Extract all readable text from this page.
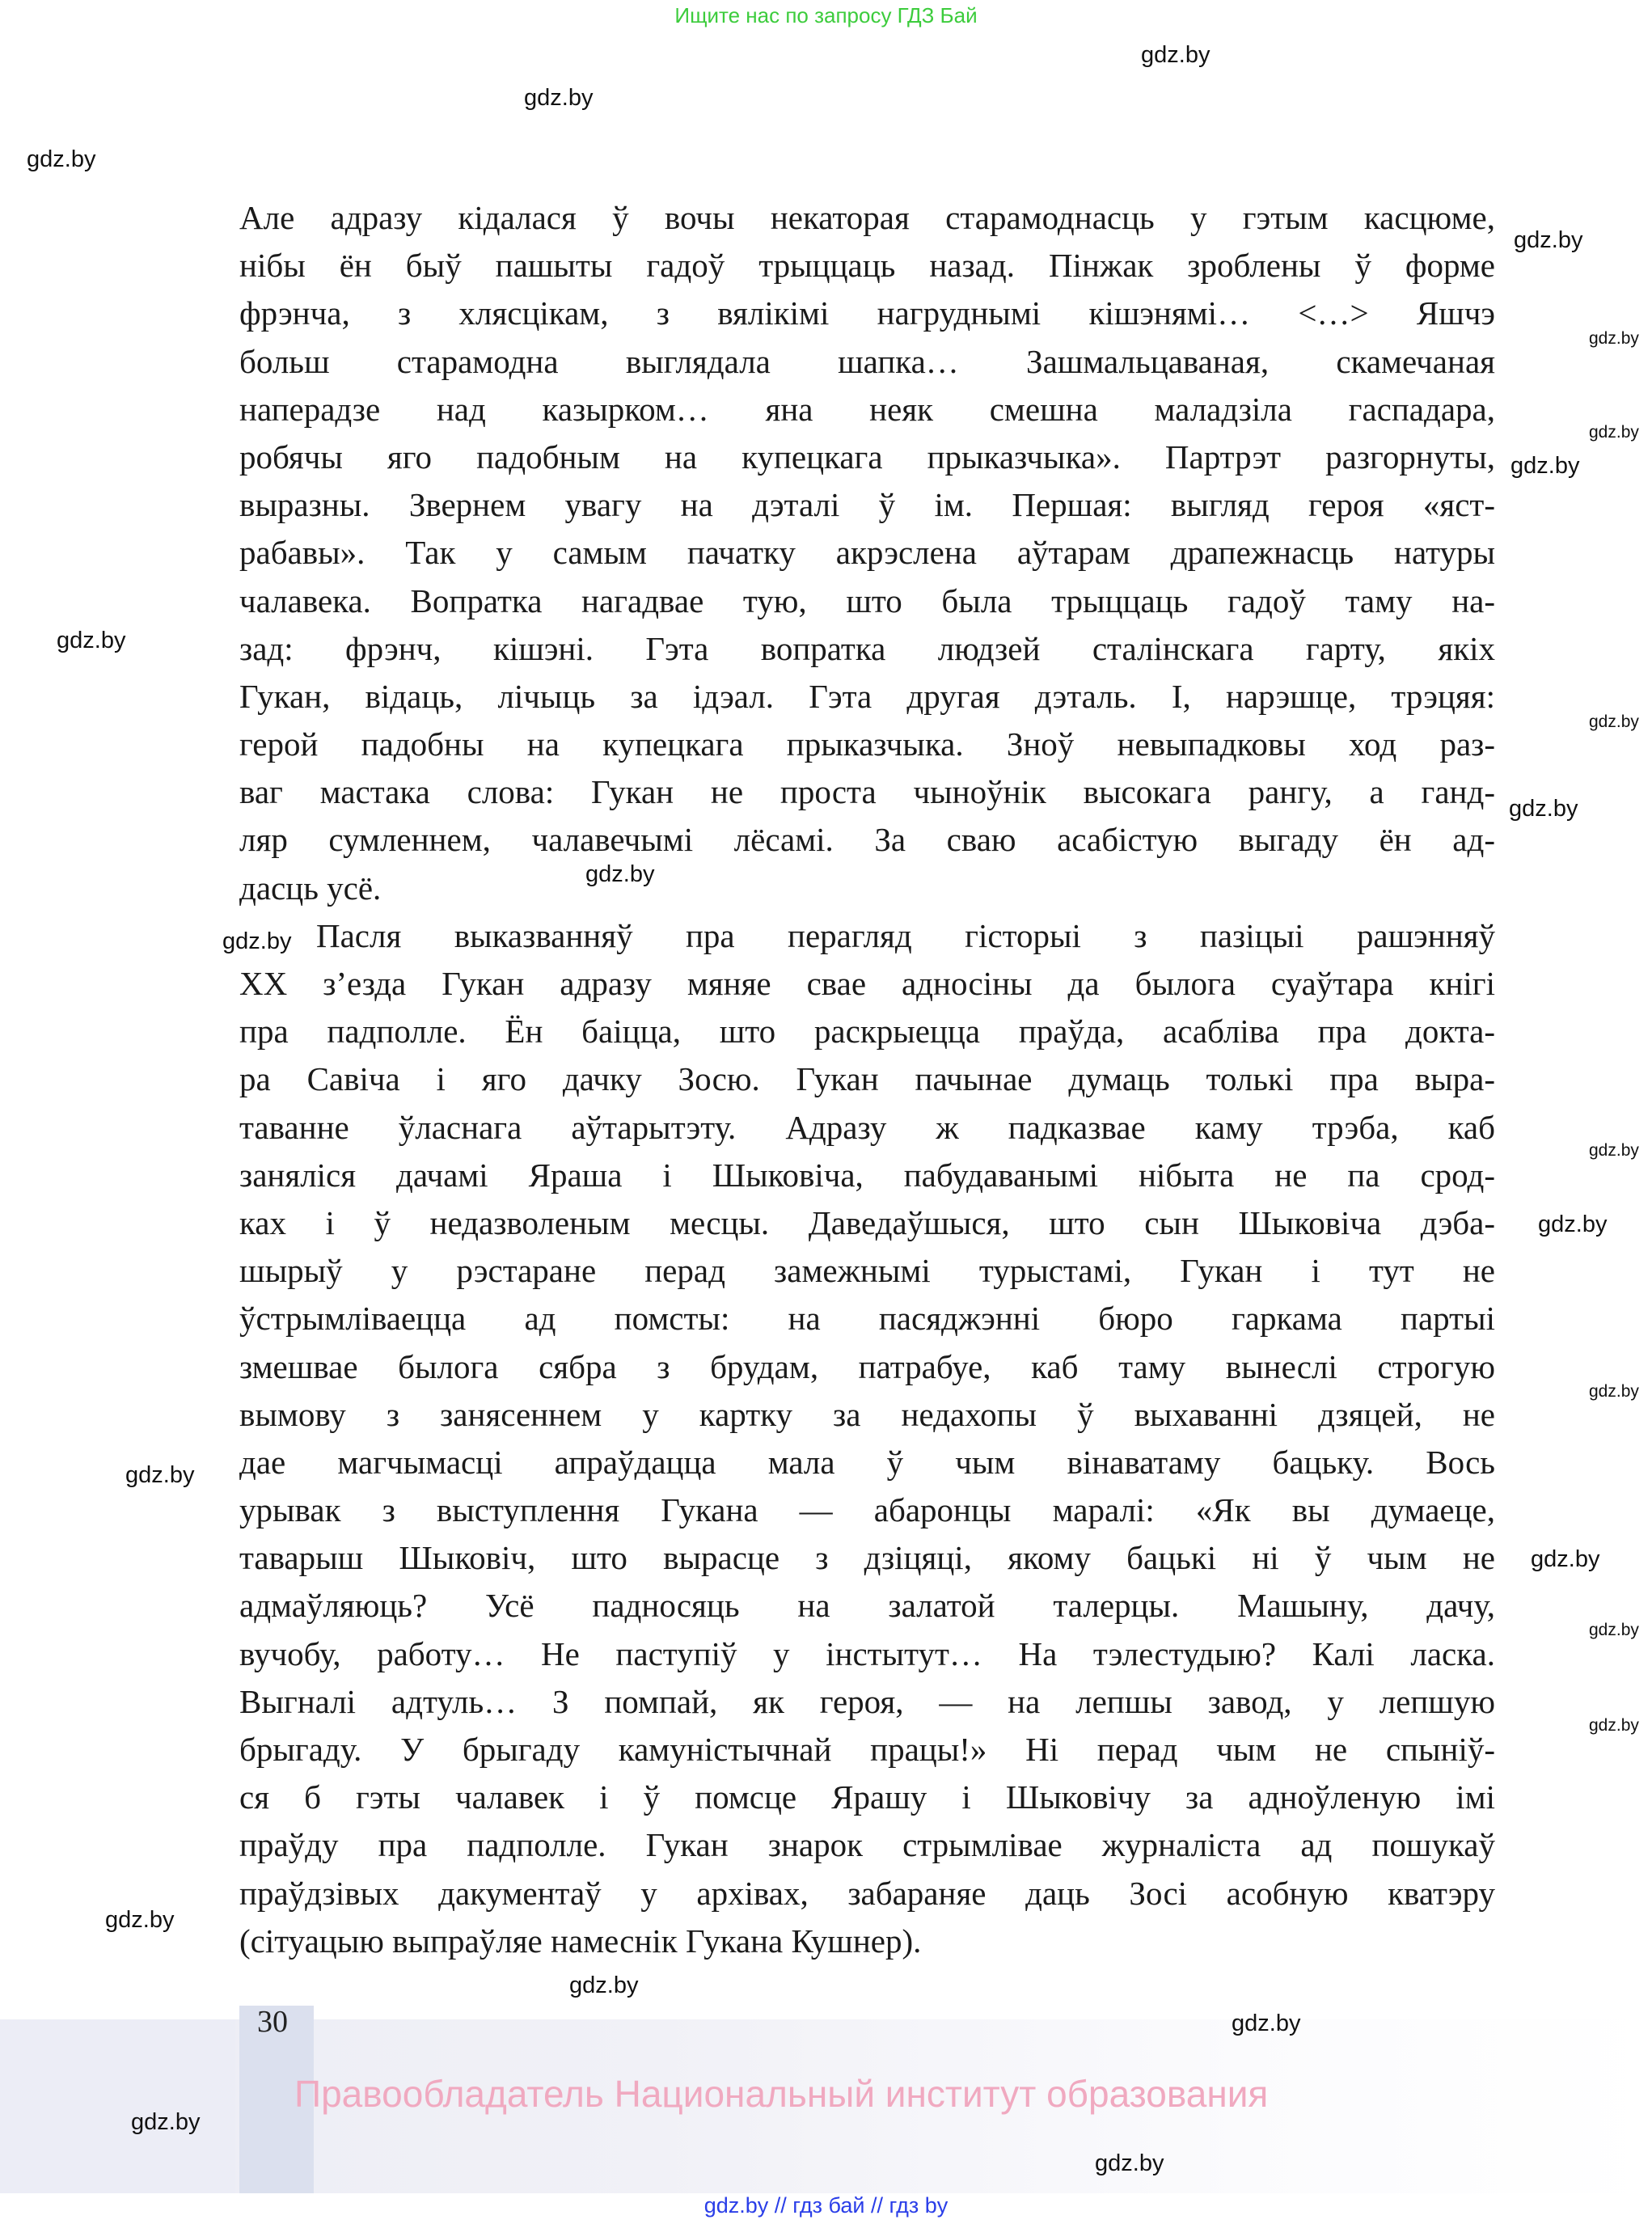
Ищите нас по запросу ГДЗ Бай
Але адразу кідалася ў вочы некаторая старамоднасць у гэтым касцюме,
нібы ён быў пашыты гадоў трыццаць назад. Пінжак зроблены ў форме
фрэнча, з хлясцікам, з вялікімі нагруднымі кішэнямі… <…> Яшчэ
больш старамодна выглядала шапка… Зашмальцаваная, скамечаная
наперадзе над казырком… яна неяк смешна маладзіла гаспадара,
робячы яго падобным на купецкага прыказчыка». Партрэт разгорнуты,
выразны. Звернем увагу на дэталі ў ім. Першая: выгляд героя «яст-
рабавы». Так у самым пачатку акрэслена аўтарам драпежнасць натуры
чалавека. Вопратка нагадвае тую, што была трыццаць гадоў таму на-
зад: фрэнч, кішэні. Гэта вопратка людзей сталінскага гарту, якіх
Гукан, відаць, лічыць за ідэал. Гэта другая дэталь. І, нарэшце, трэцяя:
герой падобны на купецкага прыказчыка. Зноў невыпадковы ход раз-
ваг мастака слова: Гукан не проста чыноўнік высокага рангу, а ганд-
ляр сумленнем, чалавечымі лёсамі. За сваю асабістую выгаду ён ад-
дасць усё.
Пасля выказванняў пра перагляд гісторыі з пазіцыі рашэнняў
XX з’езда Гукан адразу мяняе свае адносіны да былога суаўтара кнігі
пра падполле. Ён баіцца, што раскрыецца праўда, асабліва пра докта-
ра Савіча і яго дачку Зосю. Гукан пачынае думаць толькі пра выра-
таванне ўласнага аўтарытэту. Адразу ж падказвае каму трэба, каб
заняліся дачамі Яраша і Шыковіча, пабудаванымі нібыта не па срод-
ках і ў недазволеным месцы. Даведаўшыся, што сын Шыковіча дэба-
шырыў у рэстаране перад замежнымі турыстамі, Гукан і тут не
ўстрымліваецца ад помсты: на пасяджэнні бюро гаркама партыі
змешвае былога сябра з брудам, патрабуе, каб таму вынеслі строгую
вымову з занясеннем у картку за недахопы ў выхаванні дзяцей, не
дае магчымасці апраўдацца мала ў чым вінаватаму бацьку. Вось
урывак з выступлення Гукана — абаронцы маралі: «Як вы думаеце,
таварыш Шыковіч, што вырасце з дзіцяці, якому бацькі ні ў чым не
адмаўляюць? Усё падносяць на залатой талерцы. Машыну, дачу,
вучобу, работу… Не паступіў у інстытут… На тэлестудыю? Калі ласка.
Выгналі адтуль… З помпай, як героя, — на лепшы завод, у лепшую
брыгаду. У брыгаду камуністычнай працы!» Ні перад чым не спыніў-
ся б гэты чалавек і ў помсце Ярашу і Шыковічу за адноўленую імі
праўду пра падполле. Гукан знарок стрымлівае журналіста ад пошукаў
праўдзівых дакументаў у архівах, забараняе даць Зосі асобную кватэру
(сітуацыю выпраўляе намеснік Гукана Кушнер).
30
Правообладатель Национальный институт образования
gdz.by // гдз бай // гдз by
gdz.by
gdz.by
gdz.by
gdz.by
gdz.by
gdz.by
gdz.by
gdz.by
gdz.by
gdz.by
gdz.by
gdz.by
gdz.by
gdz.by
gdz.by
gdz.by
gdz.by
gdz.by
gdz.by
gdz.by
gdz.by
gdz.by
gdz.by
gdz.by
